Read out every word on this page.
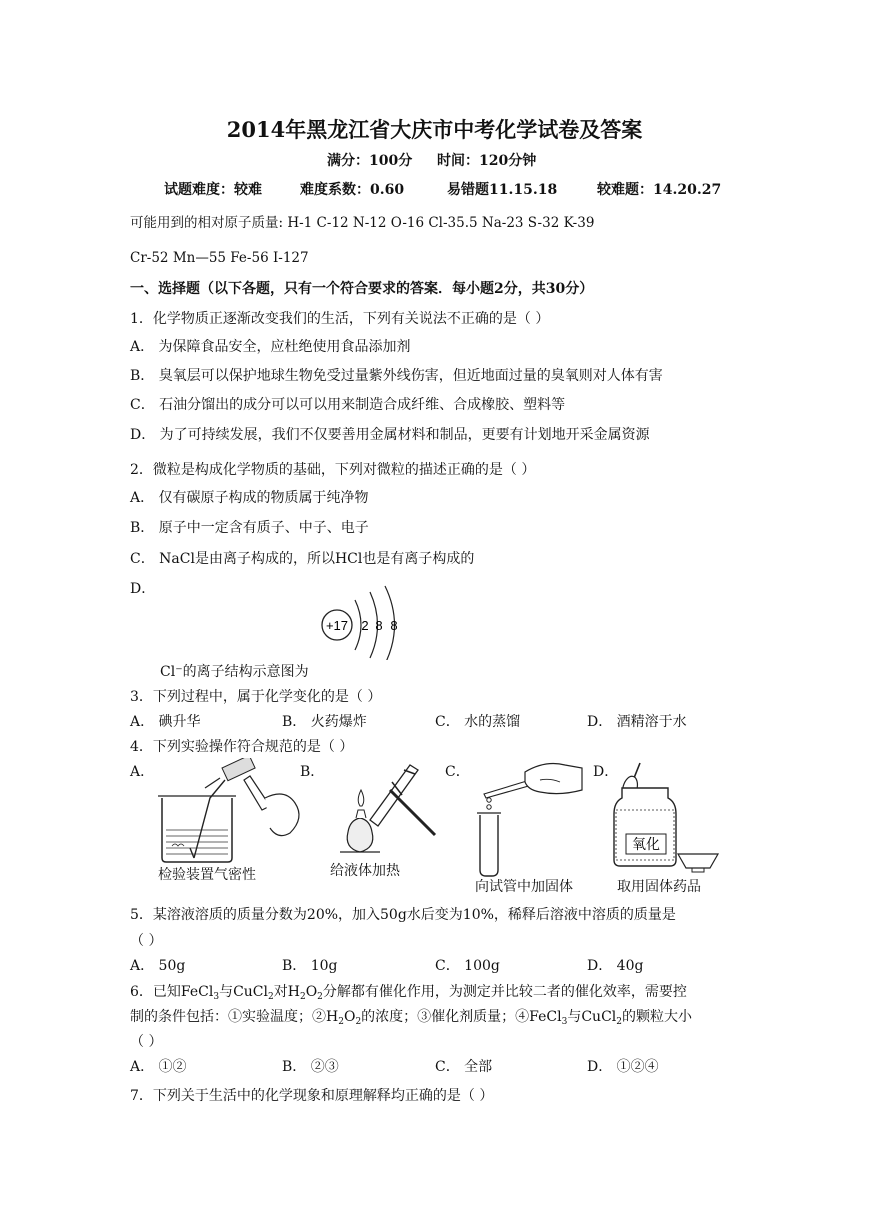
2014年黑龙江省大庆市中考化学试卷及答案
满分：100分 时间：120分钟
试题难度：较难	难度系数：0.60	易错题11.15.18	较难题：14.20.27
可能用到的相对原子质量: H-1 C-12 N-12 O-16 Cl-35.5 Na-23 S-32 K-39
Cr-52 Mn—55 Fe-56 I-127
一、选择题（以下各题，只有一个符合要求的答案．每小题2分，共30分）
1．化学物质正逐渐改变我们的生活，下列有关说法不正确的是（ ）
A． 为保障食品安全，应杜绝使用食品添加剂
B． 臭氧层可以保护地球生物免受过量紫外线伤害，但近地面过量的臭氧则对人体有害
C． 石油分馏出的成分可以可以用来制造合成纤维、合成橡胶、塑料等
D． 为了可持续发展，我们不仅要善用金属材料和制品，更要有计划地开采金属资源
2．微粒是构成化学物质的基础，下列对微粒的描述正确的是（ ）
A． 仅有碳原子构成的物质属于纯净物
B． 原子中一定含有质子、中子、电子
C． NaCl是由离子构成的，所以HCl也是有离子构成的
D．
+17 2 8 8
Cl⁻的离子结构示意图为
3．下列过程中，属于化学变化的是（ ）
A． 碘升华	B． 火药爆炸	C． 水的蒸馏	D． 酒精溶于水
4．下列实验操作符合规范的是（ ）
A．	B．	C．	D．
检验装置气密性	给液体加热
向试管中加固体
氧化
取用固体药品
5．某溶液溶质的质量分数为20%，加入50g水后变为10%，稀释后溶液中溶质的质量是
（ ）
A． 50g	B． 10g	C． 100g	D． 40g
6．已知FeCl$_3$与CuCl$_2$对$H_2O_2$分解都有催化作用，为测定并比较二者的催化效率，需要控
制的条件包括：①实验温度；$②H_2O_2$的浓度；③催化剂质量；④FeCl$_3$与CuCl$_2$的颗粒大小
（ ）
A． ①②	B． ②③	C． 全部	D． ①②④
7．下列关于生活中的化学现象和原理解释均正确的是（ ）
